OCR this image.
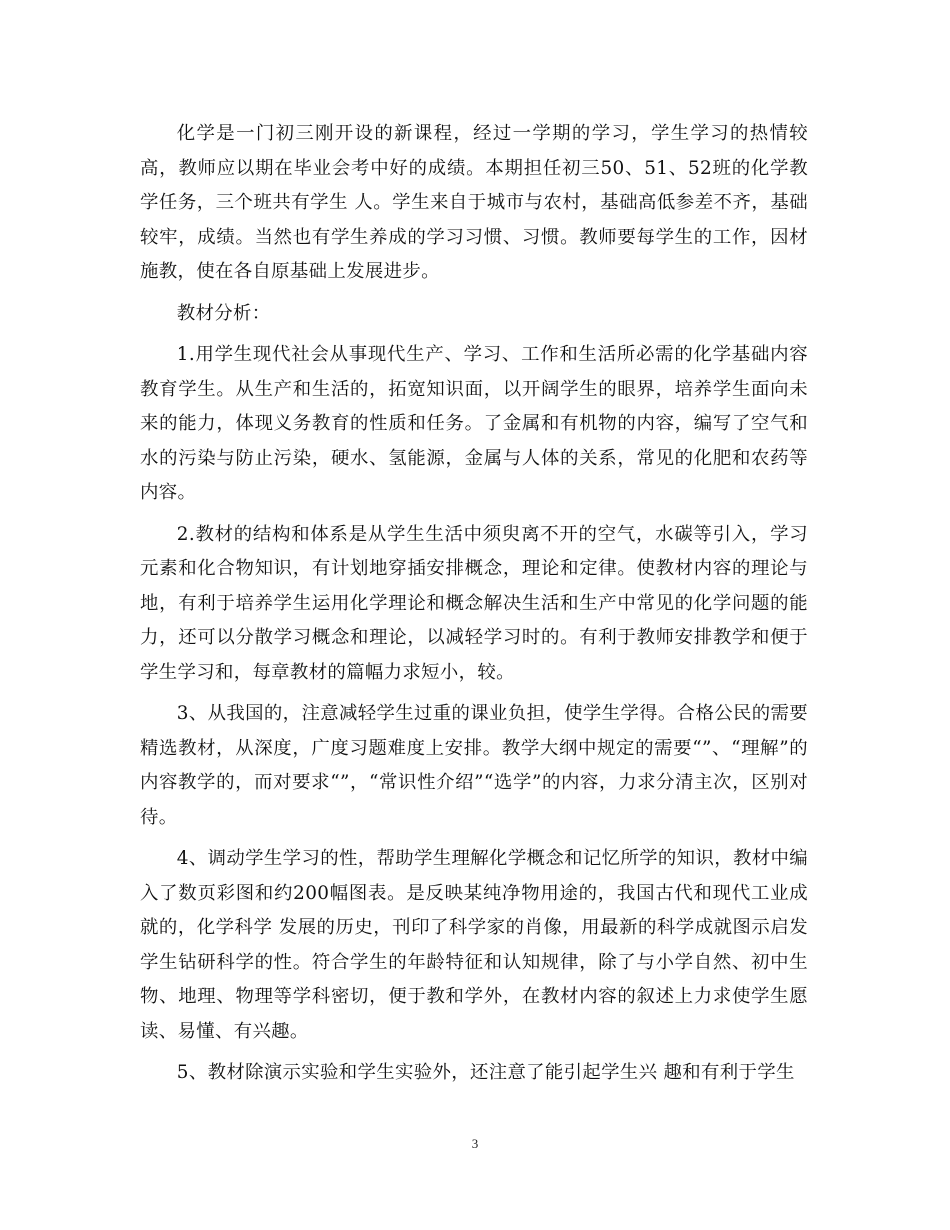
化学是一门初三刚开设的新课程，经过一学期的学习，学生学习的热情较高，教师应以期在毕业会考中好的成绩。本期担任初三50、51、52班的化学教学任务，三个班共有学生 人。学生来自于城市与农村，基础高低参差不齐，基础较牢，成绩。当然也有学生养成的学习习惯、习惯。教师要每学生的工作，因材施教，使在各自原基础上发展进步。

教材分析：

1.用学生现代社会从事现代生产、学习、工作和生活所必需的化学基础内容教育学生。从生产和生活的，拓宽知识面，以开阔学生的眼界，培养学生面向未来的能力，体现义务教育的性质和任务。了金属和有机物的内容，编写了空气和水的污染与防止污染，硬水、氢能源，金属与人体的关系，常见的化肥和农药等内容。

2.教材的结构和体系是从学生生活中须臾离不开的空气，水碳等引入，学习元素和化合物知识，有计划地穿插安排概念，理论和定律。使教材内容的理论与地，有利于培养学生运用化学理论和概念解决生活和生产中常见的化学问题的能力，还可以分散学习概念和理论，以减轻学习时的。有利于教师安排教学和便于学生学习和，每章教材的篇幅力求短小，较。

3、从我国的，注意减轻学生过重的课业负担，使学生学得。合格公民的需要精选教材，从深度，广度习题难度上安排。教学大纲中规定的需要“”、“理解”的内容教学的，而对要求“”，“常识性介绍”“选学”的内容，力求分清主次，区别对待。

4、调动学生学习的性，帮助学生理解化学概念和记忆所学的知识，教材中编入了数页彩图和约200幅图表。是反映某纯净物用途的，我国古代和现代工业成就的，化学科学 发展的历史，刊印了科学家的肖像，用最新的科学成就图示启发学生钻研科学的性。符合学生的年龄特征和认知规律，除了与小学自然、初中生物、地理、物理等学科密切，便于教和学外，在教材内容的叙述上力求使学生愿读、易懂、有兴趣。

5、教材除演示实验和学生实验外，还注意了能引起学生兴 趣和有利于学生

3
